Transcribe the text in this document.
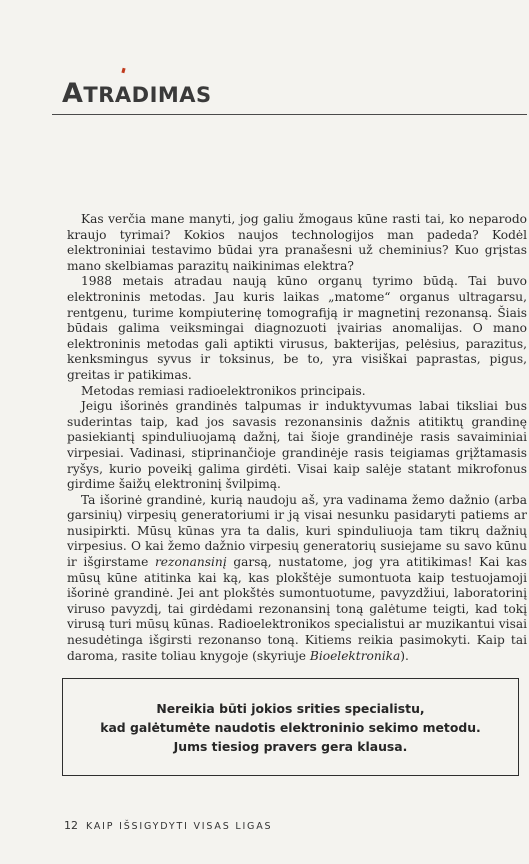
ATRADIMAS

Kas verčia mane manyti, jog galiu žmogaus kūne rasti tai, ko neparodo kraujo tyrimai? Kokios naujos technologijos man padeda? Kodėl elektroniniai testavimo būdai yra pranašesni už cheminius? Kuo grįstas mano skelbiamas parazitų naikinimas elektra?

1988 metais atradau naują kūno organų tyrimo būdą. Tai buvo elektroninis metodas. Jau kuris laikas „matome“ organus ultragarsu, rentgenu, turime kompiuterinę tomografiją ir magnetinį rezonansą. Šiais būdais galima veiksmingai diagnozuoti įvairias anomalijas. O mano elektroninis metodas gali aptikti virusus, bakterijas, pelėsius, parazitus, kenksmingus syvus ir toksinus, be to, yra visiškai paprastas, pigus, greitas ir patikimas.

Metodas remiasi radioelektronikos principais.

Jeigu išorinės grandinės talpumas ir induktyvumas labai tiksliai bus suderintas taip, kad jos savasis rezonansinis dažnis atitiktų grandinę pasiekiantį spinduliuojamą dažnį, tai šioje grandinėje rasis savaiminiai virpesiai. Vadinasi, stiprinančioje grandinėje rasis teigiamas grįžtamasis ryšys, kurio poveikį galima girdėti. Visai kaip salėje statant mikrofonus girdime šaižų elektroninį švilpimą.

Ta išorinė grandinė, kurią naudoju aš, yra vadinama žemo dažnio (arba garsinių) virpesių generatoriumi ir ją visai nesunku pasidaryti patiems ar nusipirkti. Mūsų kūnas yra ta dalis, kuri spinduliuoja tam tikrų dažnių virpesius. O kai žemo dažnio virpesių generatorių susiejame su savo kūnu ir išgirstame rezonansinį garsą, nustatome, jog yra atitikimas! Kai kas mūsų kūne atitinka kai ką, kas plokštėje sumontuota kaip testuojamoji išorinė grandinė. Jei ant plokštės sumontuotume, pavyzdžiui, laboratorinį viruso pavyzdį, tai girdėdami rezonansinį toną galėtume teigti, kad tokį virusą turi mūsų kūnas. Radioelektronikos specialistui ar muzikantui visai nesudėtinga išgirsti rezonanso toną. Kitiems reikia pasimokyti. Kaip tai daroma, rasite toliau knygoje (skyriuje Bioelektronika).

Nereikia būti jokios srities specialistu,
kad galėtumėte naudotis elektroninio sekimo metodu.
Jums tiesiog pravers gera klausa.
12 KAIP IŠSIGYDYTI VISAS LIGAS
